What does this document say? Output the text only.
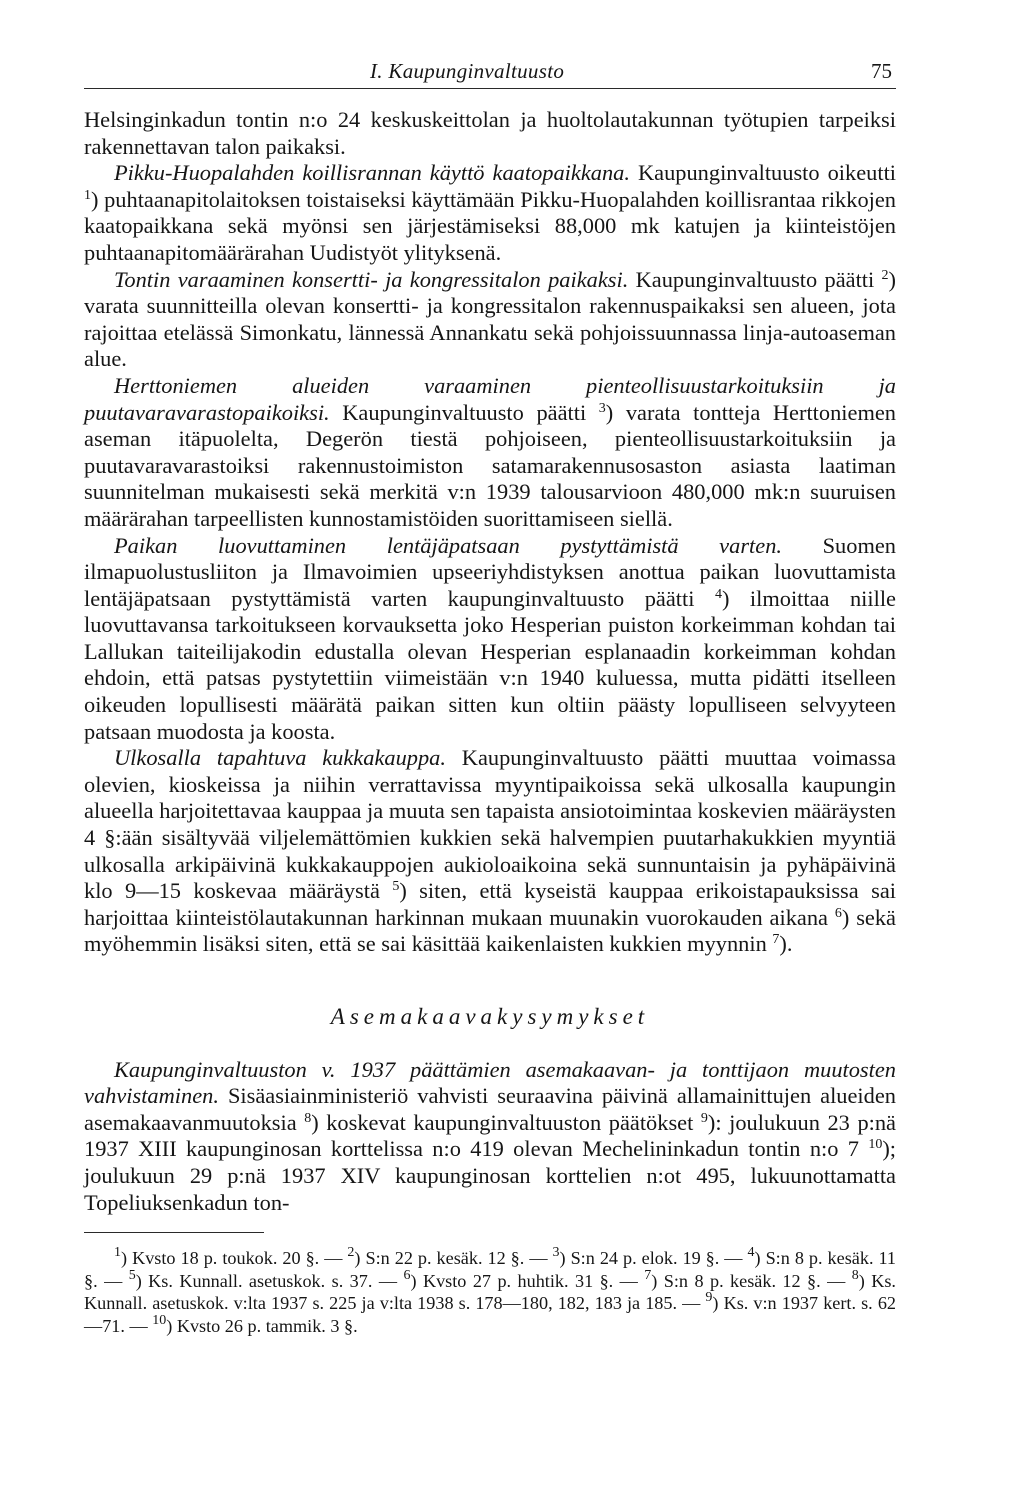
I. Kaupunginvaltuusto	75

Helsinginkadun tontin n:o 24 keskuskeittolan ja huoltolautakunnan työtupien tarpeiksi rakennettavan talon paikaksi.

Pikku-Huopalahden koillisrannan käyttö kaatopaikkana. Kaupunginvaltuusto oikeutti $^1$) puhtaanapitolaitoksen toistaiseksi käyttämään Pikku-Huopalahden koillisrantaa rikkojen kaatopaikkana sekä myönsi sen järjestämiseksi 88,000 mk katujen ja kiinteistöjen puhtaanapitomäärärahan Uudistyöt ylityksenä.

Tontin varaaminen konsertti- ja kongressitalon paikaksi. Kaupunginvaltuusto päätti $^2$) varata suunnitteilla olevan konsertti- ja kongressitalon rakennuspaikaksi sen alueen, jota rajoittaa etelässä Simonkatu, lännessä Annankatu sekä pohjoissuunnassa linja-autoaseman alue.

Herttoniemen alueiden varaaminen pienteollisuustarkoituksiin ja puutavaravarastopaikoiksi. Kaupunginvaltuusto päätti $^3$) varata tontteja Herttoniemen aseman itäpuolelta, Degerön tiestä pohjoiseen, pienteollisuustarkoituksiin ja puutavaravarastoiksi rakennustoimiston satamarakennusosaston asiasta laatiman suunnitelman mukaisesti sekä merkitä v:n 1939 talousarvioon 480,000 mk:n suuruisen määrärahan tarpeellisten kunnostamistöiden suorittamiseen siellä.

Paikan luovuttaminen lentäjäpatsaan pystyttämistä varten. Suomen ilmapuolustusliiton ja Ilmavoimien upseeriyhdistyksen anottua paikan luovuttamista lentäjäpatsaan pystyttämistä varten kaupunginvaltuusto päätti $^4$) ilmoittaa niille luovuttavansa tarkoitukseen korvauksetta joko Hesperian puiston korkeimman kohdan tai Lallukan taiteilijakodin edustalla olevan Hesperian esplanaadin korkeimman kohdan ehdoin, että patsas pystytettiin viimeistään v:n 1940 kuluessa, mutta pidätti itselleen oikeuden lopullisesti määrätä paikan sitten kun oltiin päästy lopulliseen selvyyteen patsaan muodosta ja koosta.

Ulkosalla tapahtuva kukkakauppa. Kaupunginvaltuusto päätti muuttaa voimassa olevien, kioskeissa ja niihin verrattavissa myyntipaikoissa sekä ulkosalla kaupungin alueella harjoitettavaa kauppaa ja muuta sen tapaista ansiotoimintaa koskevien määräysten 4 §:ään sisältyvää viljelemättömien kukkien sekä halvempien puutarhakukkien myyntiä ulkosalla arkipäivinä kukkakauppojen aukioloaikoina sekä sunnuntaisin ja pyhäpäivinä klo 9—15 koskevaa määräystä $^5$) siten, että kyseistä kauppaa erikoistapauksissa sai harjoittaa kiinteistölautakunnan harkinnan mukaan muunakin vuorokauden aikana $^6$) sekä myöhemmin lisäksi siten, että se sai käsittää kaikenlaisten kukkien myynnin $^7$).

Asemakaavakysymykset

Kaupunginvaltuuston v. 1937 päättämien asemakaavan- ja tonttijaon muutosten vahvistaminen. Sisäasiainministeriö vahvisti seuraavina päivinä allamainittujen alueiden asemakaavanmuutoksia $^8$) koskevat kaupunginvaltuuston päätökset $^9$): joulukuun 23 p:nä 1937 XIII kaupunginosan korttelissa n:o 419 olevan Mechelininkadun tontin n:o 7 $^{10}$); joulukuun 29 p:nä 1937 XIV kaupunginosan korttelien n:ot 495, lukuunottamatta Topeliuksenkadun ton-

$^1$) Kvsto 18 p. toukok. 20 §. — $^2$) S:n 22 p. kesäk. 12 §. — $^3$) S:n 24 p. elok. 19 §. — $^4$) S:n 8 p. kesäk. 11 §. — $^5$) Ks. Kunnall. asetuskok. s. 37. — $^6$) Kvsto 27 p. huhtik. 31 §. — $^7$) S:n 8 p. kesäk. 12 §. — $^8$) Ks. Kunnall. asetuskok. v:lta 1937 s. 225 ja v:lta 1938 s. 178—180, 182, 183 ja 185. — $^9$) Ks. v:n 1937 kert. s. 62—71. — $^{10}$) Kvsto 26 p. tammik. 3 §.
